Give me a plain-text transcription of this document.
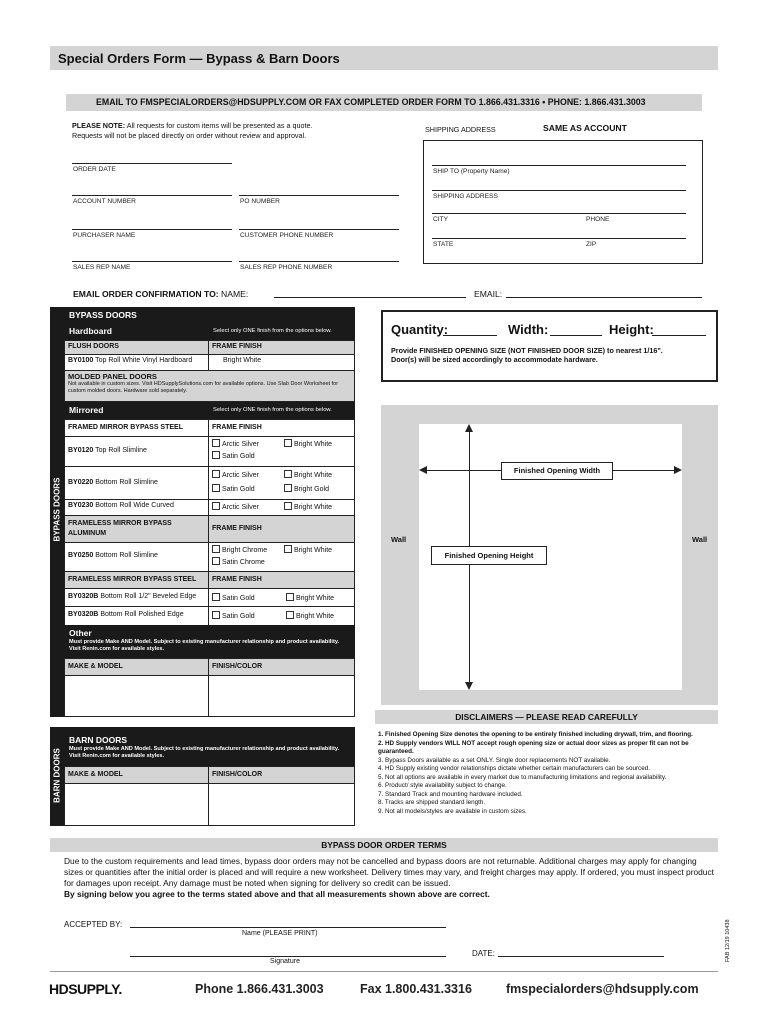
Special Orders Form — Bypass & Barn Doors
EMAIL TO FMSPECIALORDERS@HDSUPPLY.COM OR FAX COMPLETED ORDER FORM TO 1.866.431.3316 • PHONE: 1.866.431.3003
PLEASE NOTE: All requests for custom items will be presented as a quote.
Requests will not be placed directly on order without review and approval.
SHIPPING ADDRESS	SAME AS ACCOUNT
ORDER DATE
ACCOUNT NUMBER	PO NUMBER
PURCHASER NAME	CUSTOMER PHONE NUMBER
SALES REP NAME	SALES REP PHONE NUMBER
SHIP TO (Property Name)
SHIPPING ADDRESS
CITY	PHONE
STATE	ZIP
EMAIL ORDER CONFIRMATION TO: NAME:	EMAIL:
BYPASS DOORS
BYPASS DOORS
Hardboard	Select only ONE finish from the options below.
FLUSH DOORS	FRAME FINISH
BY0100 Top Roll White Vinyl Hardboard	Bright White
MOLDED PANEL DOORS
Not available in custom sizes. Visit HDSupplySolutions.com for available options. Use Slab Door Worksheet for custom molded doors. Hardware sold separately.
Mirrored	Select only ONE finish from the options below.
FRAMED MIRROR BYPASS STEEL	FRAME FINISH
BY0120 Top Roll Slimline
Arctic Silver	Bright White
Satin Gold
BY0220 Bottom Roll Slimline
Arctic Silver	Bright White
Satin Gold	Bright Gold
BY0230 Bottom Roll Wide Curved	Arctic Silver	Bright White
FRAMELESS MIRROR BYPASS ALUMINUM
FRAME FINISH
BY0250 Bottom Roll Slimline
Bright Chrome	Bright White
Satin Chrome
FRAMELESS MIRROR BYPASS STEEL	FRAME FINISH
BY0320B Bottom Roll 1/2" Beveled Edge	Satin Gold	Bright White
BY0320B Bottom Roll Polished Edge	Satin Gold	Bright White
Other
Must provide Make AND Model. Subject to existing manufacturer relationship and product availability. Visit Renin.com for available styles.
MAKE & MODEL	FINISH/COLOR
BARN DOORS
BARN DOORS
Must provide Make AND Model. Subject to existing manufacturer relationship and product availability. Visit Renin.com for available styles.
MAKE & MODEL	FINISH/COLOR
Quantity:	Width:	Height:
Provide FINISHED OPENING SIZE (NOT FINISHED DOOR SIZE) to nearest 1/16".
Door(s) will be sized accordingly to accommodate hardware.
Wall	Wall
Finished Opening Width
Finished Opening Height
DISCLAIMERS — PLEASE READ CAREFULLY
1. Finished Opening Size denotes the opening to be entirely finished including drywall, trim, and flooring.
2. HD Supply vendors WILL NOT accept rough opening size or actual door sizes as proper fit can not be guaranteed.
3. Bypass Doors available as a set ONLY. Single door replacements NOT available.
4. HD Supply existing vendor relationships dictate whether certain manufacturers can be sourced.
5. Not all options are available in every market due to manufacturing limitations and regional availability.
6. Product/ style availability subject to change.
7. Standard Track and mounting hardware included.
8. Tracks are shipped standard length.
9. Not all models/styles are available in custom sizes.
BYPASS DOOR ORDER TERMS
Due to the custom requirements and lead times, bypass door orders may not be cancelled and bypass doors are not returnable. Additional charges may apply for changing sizes or quantities after the initial order is placed and will require a new worksheet. Delivery times may vary, and freight charges may apply. If ordered, you must inspect product for damages upon receipt. Any damage must be noted when signing for delivery so credit can be issued.
By signing below you agree to the terms stated above and that all measurements shown above are correct.
ACCEPTED BY:
Name (PLEASE PRINT)
Signature
DATE:	FAB 12/19 10438
HDSUPPLY.	Phone 1.866.431.3003	Fax 1.800.431.3316	fmspecialorders@hdsupply.com
